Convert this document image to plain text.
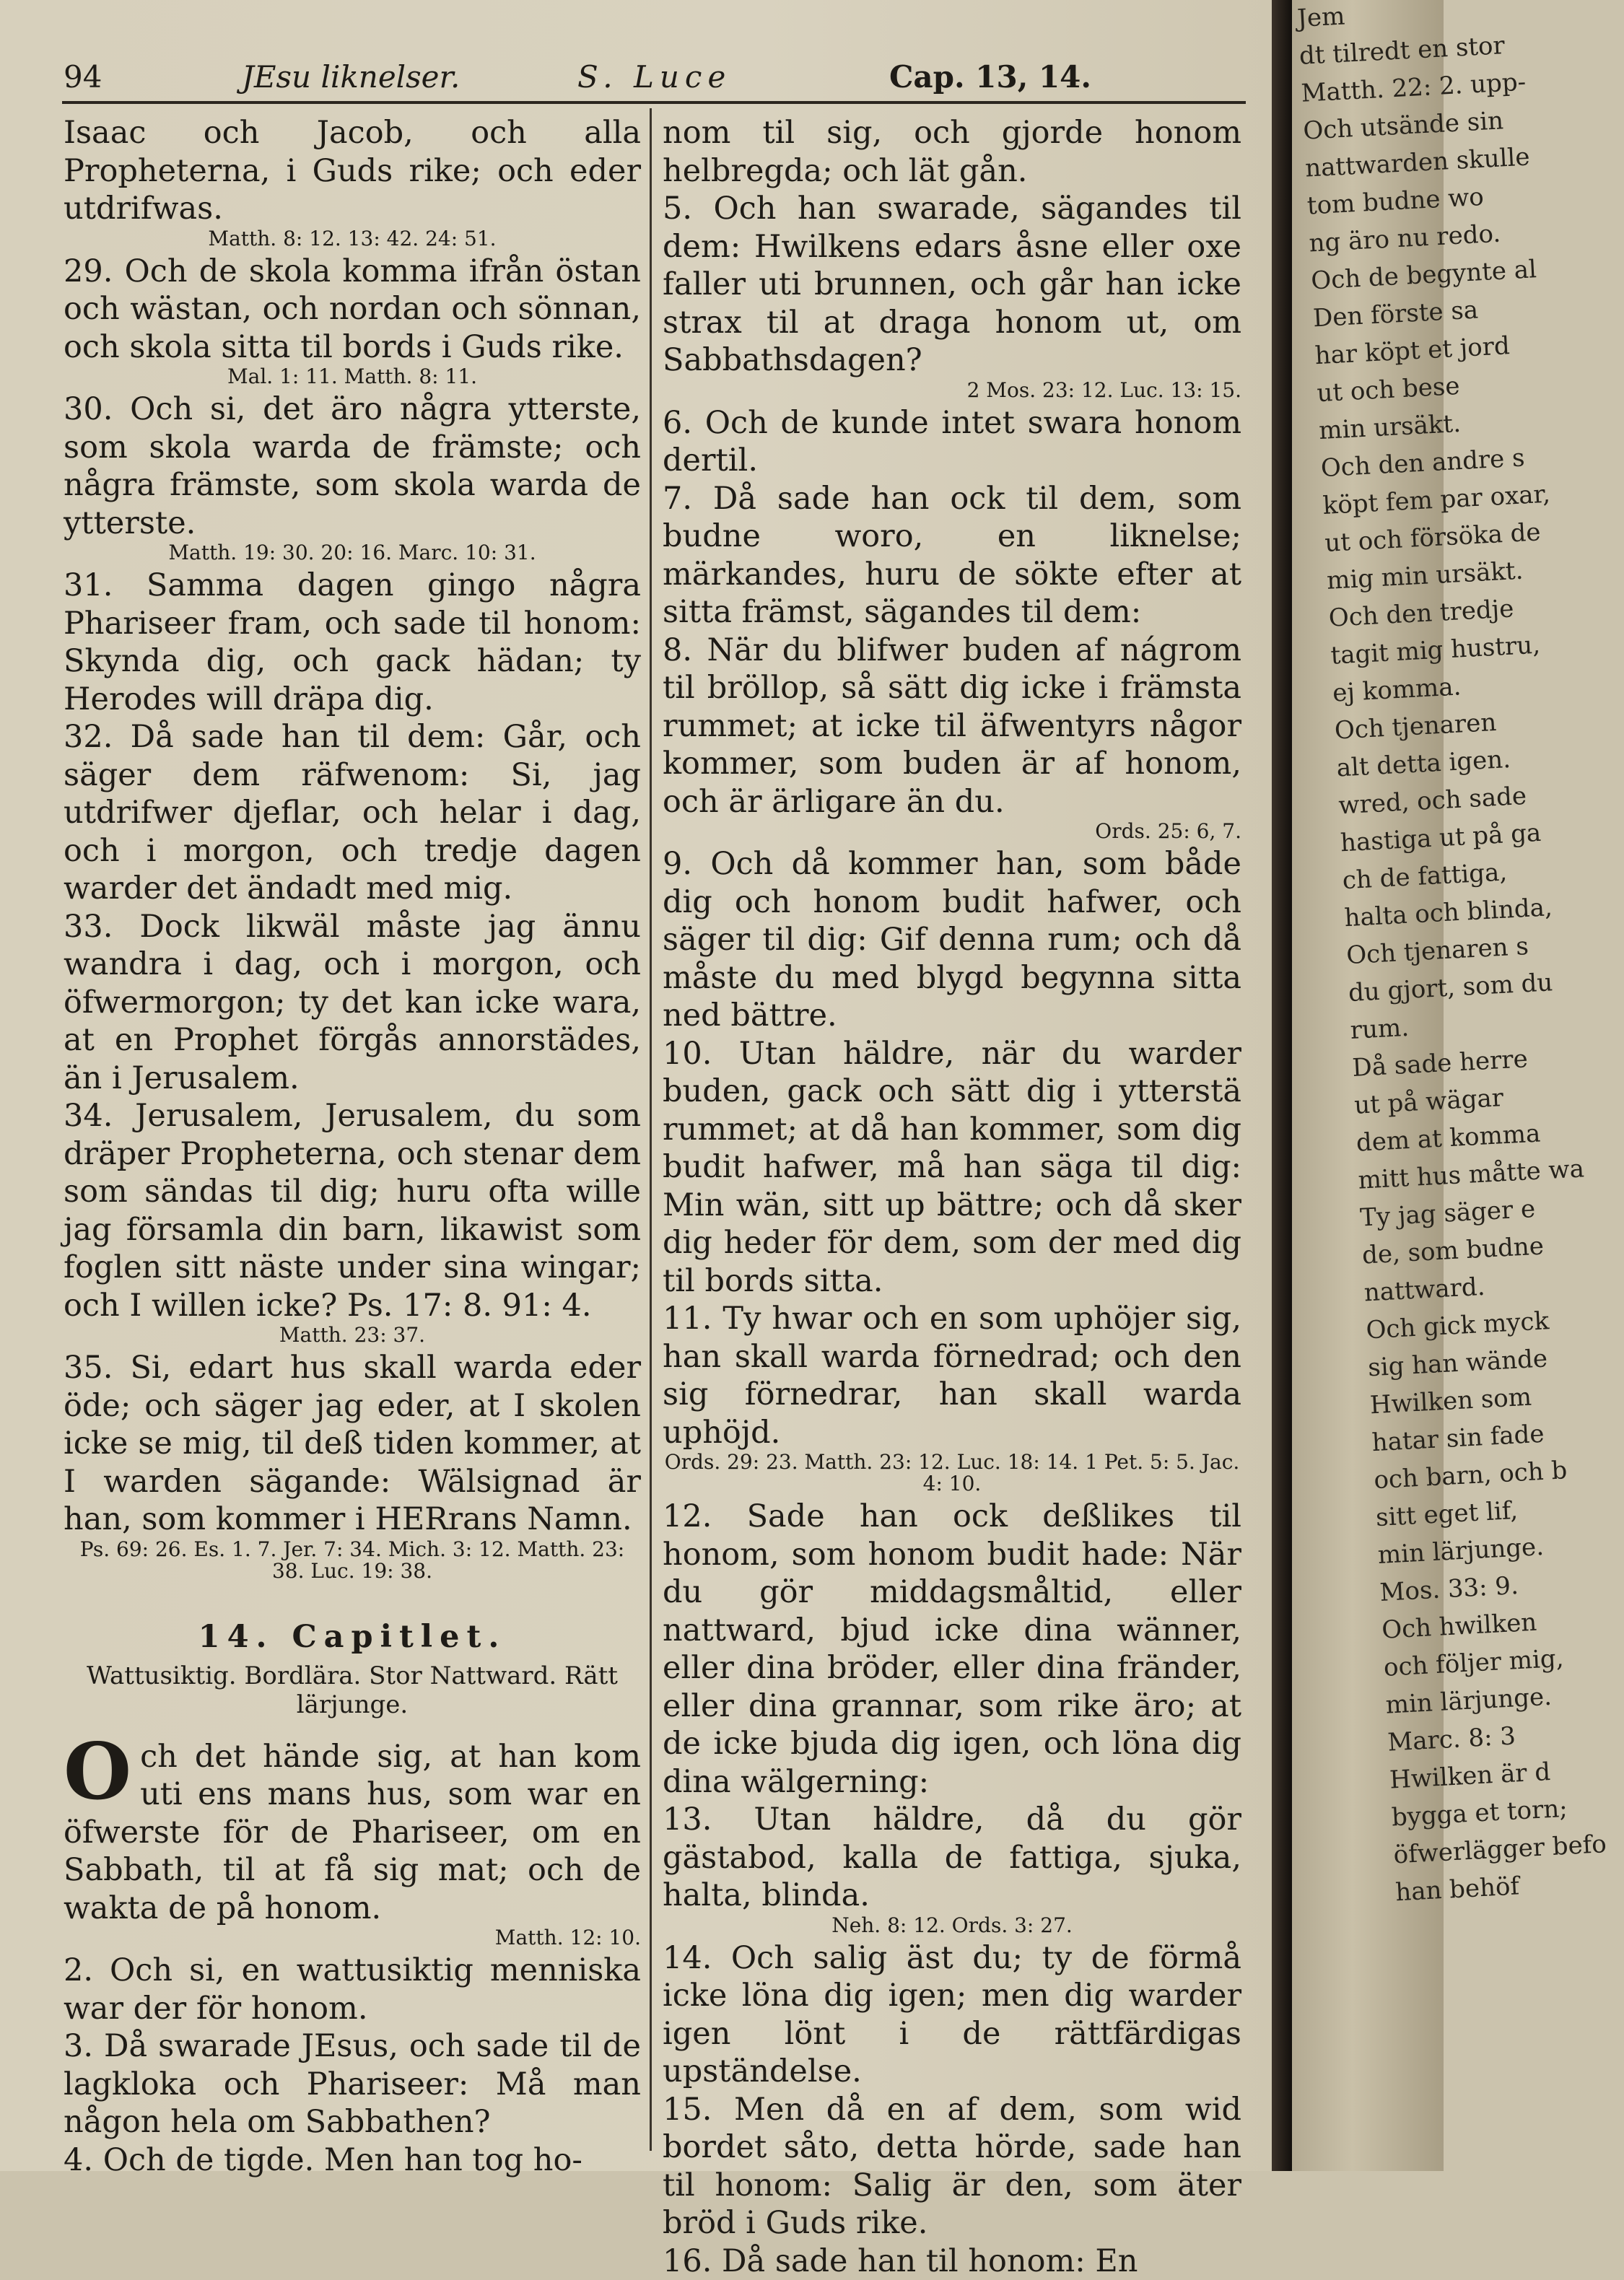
94	JEsu liknelser.	S. Luce	Cap. 13, 14.

Isaac och Jacob, och alla Propheterna, i Guds rike; och eder utdrifwas.

Matth. 8: 12. 13: 42. 24: 51.

29. Och de skola komma ifrån östan och wästan, och nordan och sönnan, och skola sitta til bords i Guds rike.

Mal. 1: 11. Matth. 8: 11.

30. Och si, det äro några ytterste, som skola warda de främste; och några främste, som skola warda de ytterste.

Matth. 19: 30. 20: 16. Marc. 10: 31.

31. Samma dagen gingo några Phariseer fram, och sade til honom: Skynda dig, och gack hädan; ty Herodes will dräpa dig.

32. Då sade han til dem: Går, och säger dem räfwenom: Si, jag utdrifwer djeflar, och helar i dag, och i morgon, och tredje dagen warder det ändadt med mig.

33. Dock likwäl måste jag ännu wandra i dag, och i morgon, och öfwermorgon; ty det kan icke wara, at en Prophet förgås annorstädes, än i Jerusalem.

34. Jerusalem, Jerusalem, du som dräper Propheterna, och stenar dem som sändas til dig; huru ofta wille jag församla din barn, likawist som foglen sitt näste under sina wingar; och I willen icke? Ps. 17: 8. 91: 4.

Matth. 23: 37.

35. Si, edart hus skall warda eder öde; och säger jag eder, at I skolen icke se mig, til deß tiden kommer, at I warden sägande: Wälsignad är han, som kommer i HERrans Namn.

Ps. 69: 26. Es. 1. 7. Jer. 7: 34. Mich. 3: 12. Matth. 23: 38. Luc. 19: 38.

14. Capitlet.

Wattusiktig. Bordlära. Stor Nattward. Rätt lärjunge.

Och det hände sig, at han kom uti ens mans hus, som war en öfwerste för de Phariseer, om en Sabbath, til at få sig mat; och de wakta de på honom.

Matth. 12: 10.

2. Och si, en wattusiktig menniska war der för honom.

3. Då swarade JEsus, och sade til de lagkloka och Phariseer: Må man någon hela om Sabbathen?

4. Och de tigde. Men han tog ho-

nom til sig, och gjorde honom helbregda; och lät gån.

5. Och han swarade, sägandes til dem: Hwilkens edars åsne eller oxe faller uti brunnen, och går han icke strax til at draga honom ut, om Sabbathsdagen?

2 Mos. 23: 12. Luc. 13: 15.

6. Och de kunde intet swara honom dertil.

7. Då sade han ock til dem, som budne woro, en liknelse; märkandes, huru de sökte efter at sitta främst, sägandes til dem:

8. När du blifwer buden af nágrom til bröllop, så sätt dig icke i främsta rummet; at icke til äfwentyrs någor kommer, som buden är af honom, och är ärligare än du.

Ords. 25: 6, 7.

9. Och då kommer han, som både dig och honom budit hafwer, och säger til dig: Gif denna rum; och då måste du med blygd begynna sitta ned bättre.

10. Utan häldre, när du warder buden, gack och sätt dig i ytterstä rummet; at då han kommer, som dig budit hafwer, må han säga til dig: Min wän, sitt up bättre; och då sker dig heder för dem, som der med dig til bords sitta.

11. Ty hwar och en som uphöjer sig, han skall warda förnedrad; och den sig förnedrar, han skall warda uphöjd.

Ords. 29: 23. Matth. 23: 12. Luc. 18: 14. 1 Pet. 5: 5. Jac. 4: 10.

12. Sade han ock deßlikes til honom, som honom budit hade: När du gör middagsmåltid, eller nattward, bjud icke dina wänner, eller dina bröder, eller dina fränder, eller dina grannar, som rike äro; at de icke bjuda dig igen, och löna dig dina wälgerning:

13. Utan häldre, då du gör gästabod, kalla de fattiga, sjuka, halta, blinda.

Neh. 8: 12. Ords. 3: 27.

14. Och salig äst du; ty de förmå icke löna dig igen; men dig warder igen lönt i de rättfärdigas upständelse.

15. Men då en af dem, som wid bordet såto, detta hörde, sade han til honom: Salig är den, som äter bröd i Guds rike.

16. Då sade han til honom: En

Jem
dt tilredt en stor
Matth. 22: 2. upp-
Och utsände sin
nattwarden skulle
tom budne wo
ng äro nu redo.
Och de begynte al
Den förste sa
har köpt et jord
ut och bese
min ursäkt.
Och den andre s
köpt fem par oxar,
ut och försöka de
mig min ursäkt.
Och den tredje
tagit mig hustru,
ej komma.
Och tjenaren
alt detta igen.
wred, och sade
hastiga ut på ga
ch de fattiga,
halta och blinda,
Och tjenaren s
du gjort, som du
rum.
Då sade herre
ut på wägar
dem at komma
mitt hus måtte wa
Ty jag säger e
de, som budne
nattward.
Och gick myck
sig han wände
Hwilken som
hatar sin fade
och barn, och b
sitt eget lif,
min lärjunge.
Mos. 33: 9.
Och hwilken
och följer mig,
min lärjunge.
Marc. 8: 3
Hwilken är d
bygga et torn;
öfwerlägger befo
han behöf
